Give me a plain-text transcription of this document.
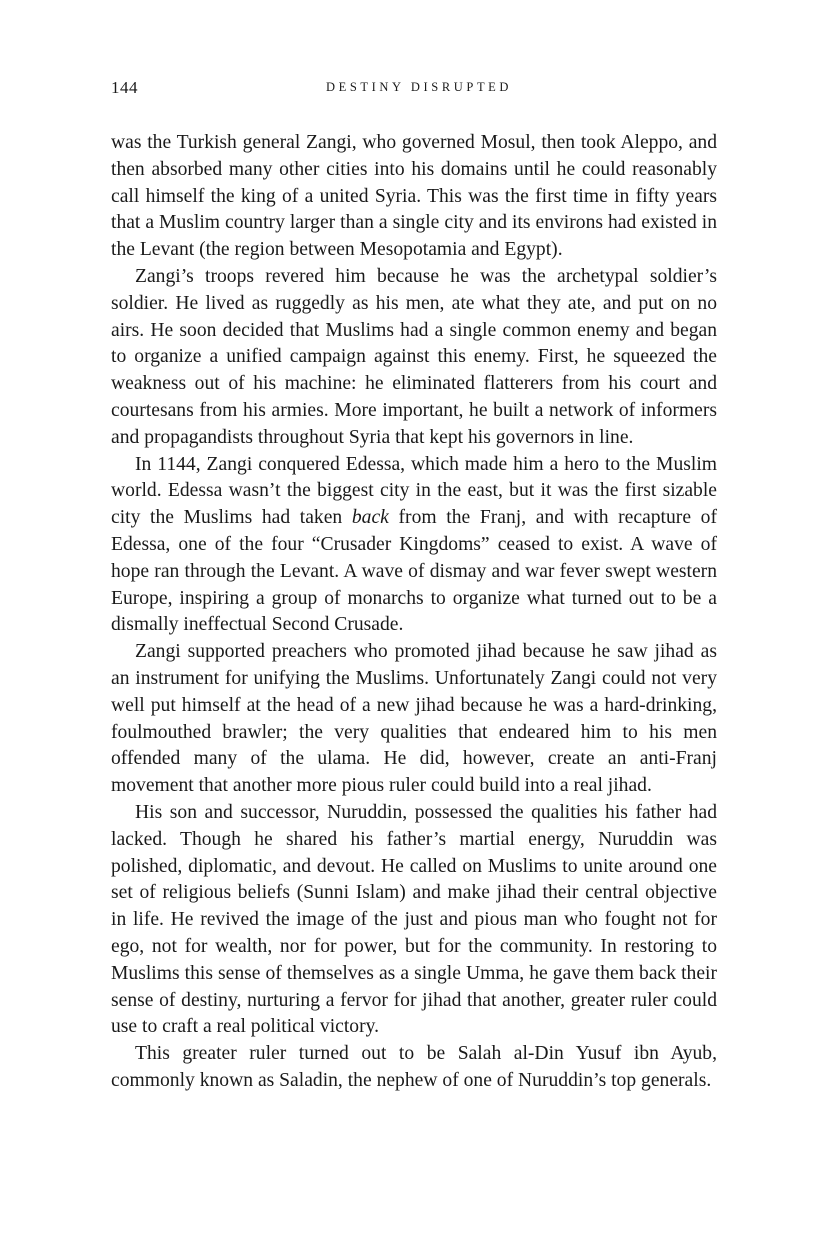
144	DESTINY DISRUPTED

was the Turkish general Zangi, who governed Mosul, then took Aleppo, and then absorbed many other cities into his domains until he could reasonably call himself the king of a united Syria. This was the first time in fifty years that a Muslim country larger than a single city and its environs had existed in the Levant (the region between Mesopotamia and Egypt).

Zangi’s troops revered him because he was the archetypal soldier’s soldier. He lived as ruggedly as his men, ate what they ate, and put on no airs. He soon decided that Muslims had a single common enemy and began to organize a unified campaign against this enemy. First, he squeezed the weakness out of his machine: he eliminated flatterers from his court and courtesans from his armies. More important, he built a network of informers and propagandists throughout Syria that kept his governors in line.

In 1144, Zangi conquered Edessa, which made him a hero to the Muslim world. Edessa wasn’t the biggest city in the east, but it was the first sizable city the Muslims had taken back from the Franj, and with recapture of Edessa, one of the four “Crusader Kingdoms” ceased to exist. A wave of hope ran through the Levant. A wave of dismay and war fever swept western Europe, inspiring a group of monarchs to organize what turned out to be a dismally ineffectual Second Crusade.

Zangi supported preachers who promoted jihad because he saw jihad as an instrument for unifying the Muslims. Unfortunately Zangi could not very well put himself at the head of a new jihad because he was a hard-drinking, foulmouthed brawler; the very qualities that endeared him to his men offended many of the ulama. He did, however, create an anti-Franj movement that another more pious ruler could build into a real jihad.

His son and successor, Nuruddin, possessed the qualities his father had lacked. Though he shared his father’s martial energy, Nuruddin was polished, diplomatic, and devout. He called on Muslims to unite around one set of religious beliefs (Sunni Islam) and make jihad their central objective in life. He revived the image of the just and pious man who fought not for ego, not for wealth, nor for power, but for the community. In restoring to Muslims this sense of themselves as a single Umma, he gave them back their sense of destiny, nurturing a fervor for jihad that another, greater ruler could use to craft a real political victory.

This greater ruler turned out to be Salah al-Din Yusuf ibn Ayub, commonly known as Saladin, the nephew of one of Nuruddin’s top generals.
